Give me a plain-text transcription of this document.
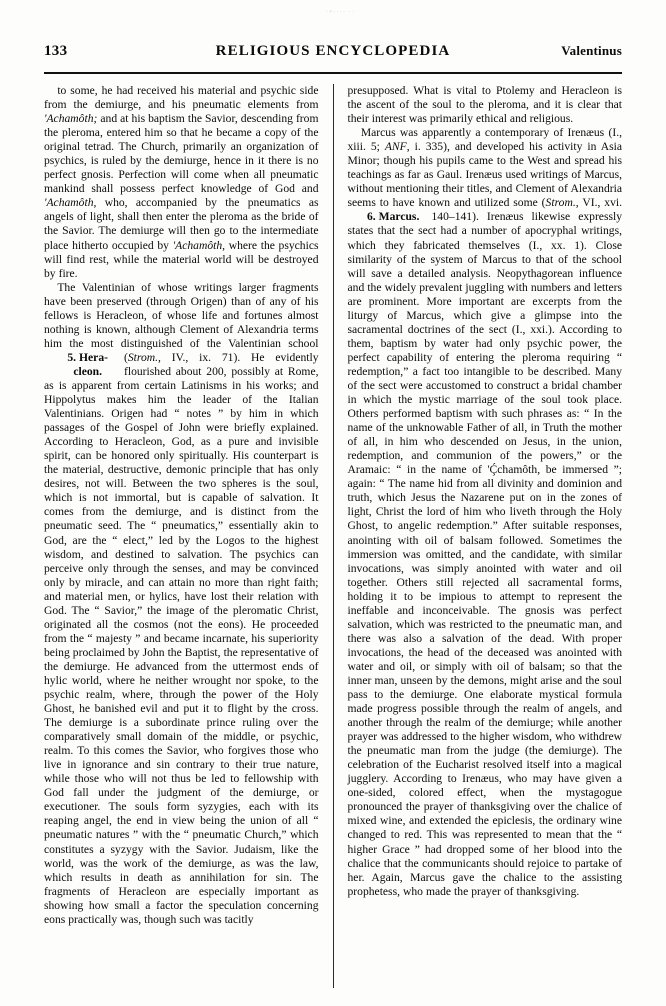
·•···· ··
133	RELIGIOUS ENCYCLOPEDIA	Valentinus

to some, he had received his material and psychic side from the demiurge, and his pneumatic elements from 'Achamôth; and at his baptism the Savior, descending from the pleroma, entered him so that he became a copy of the original tetrad. The Church, primarily an organization of psychics, is ruled by the demiurge, hence in it there is no perfect gnosis. Perfection will come when all pneumatic mankind shall possess perfect knowledge of God and 'Achamôth, who, accompanied by the pneumatics as angels of light, shall then enter the pleroma as the bride of the Savior. The demiurge will then go to the intermediate place hitherto occupied by 'Achamôth, where the psychics will find rest, while the material world will be destroyed by fire.

The Valentinian of whose writings larger fragments have been preserved (through Origen) than of any of his fellows is Heracleon, of whose life and fortunes almost nothing is known, although Clement of Alexandria terms him the most distinguished of the Valentinian school (Strom., IV., ix.
5. Hera-
cleon.
71). He evidently flourished about 200, possibly at Rome, as is apparent from certain Latinisms in his works; and Hippolytus makes him the leader of the Italian Valentinians. Origen had “ notes ” by him in which passages of the Gospel of John were briefly explained. According to Heracleon, God, as a pure and invisible spirit, can be honored only spiritually. His counterpart is the material, destructive, demonic principle that has only desires, not will. Between the two spheres is the soul, which is not immortal, but is capable of salvation. It comes from the demiurge, and is distinct from the pneumatic seed. The “ pneumatics,” essentially akin to God, are the “ elect,” led by the Logos to the highest wisdom, and destined to salvation. The psychics can perceive only through the senses, and may be convinced only by miracle, and can attain no more than right faith; and material men, or hylics, have lost their relation with God. The “ Savior,” the image of the pleromatic Christ, originated all the cosmos (not the eons). He proceeded from the “ majesty ” and became incarnate, his superiority being proclaimed by John the Baptist, the representative of the demiurge. He advanced from the uttermost ends of hylic world, where he neither wrought nor spoke, to the psychic realm, where, through the power of the Holy Ghost, he banished evil and put it to flight by the cross. The demiurge is a subordinate prince ruling over the comparatively small domain of the middle, or psychic, realm. To this comes the Savior, who forgives those who live in ignorance and sin contrary to their true nature, while those who will not thus be led to fellowship with God fall under the judgment of the demiurge, or executioner. The souls form syzygies, each with its reaping angel, the end in view being the union of all “ pneumatic natures ” with the “ pneumatic Church,” which constitutes a syzygy with the Savior. Judaism, like the world, was the work of the demiurge, as was the law, which results in death as annihilation for sin. The fragments of Heracleon are especially important as showing how small a factor the speculation concerning eons practically was, though such was tacitly

presupposed. What is vital to Ptolemy and Heracleon is the ascent of the soul to the pleroma, and it is clear that their interest was primarily ethical and religious.

Marcus was apparently a contemporary of Irenæus (I., xiii. 5; ANF, i. 335), and developed his activity in Asia Minor; though his pupils came to the West and spread his teachings as far as Gaul. Irenæus used writings of Marcus, without mentioning their titles, and Clement of Alexandria seems to have known and utilized some (Strom.,
6. Marcus.
VI., xvi. 140–141). Irenæus likewise expressly states that the sect had a number of apocryphal writings, which they fabricated themselves (I., xx. 1). Close similarity of the system of Marcus to that of the school will save a detailed analysis. Neopythagorean influence and the widely prevalent juggling with numbers and letters are prominent. More important are excerpts from the liturgy of Marcus, which give a glimpse into the sacramental doctrines of the sect (I., xxi.). According to them, baptism by water had only psychic power, the perfect capability of entering the pleroma requiring “ redemption,” a fact too intangible to be described. Many of the sect were accustomed to construct a bridal chamber in which the mystic marriage of the soul took place. Others performed baptism with such phrases as: “ In the name of the unknowable Father of all, in Truth the mother of all, in him who descended on Jesus, in the union, redemption, and communion of the powers,” or the Aramaic: “ in the name of 'Ḉchamôth, be immersed ”; again: “ The name hid from all divinity and dominion and truth, which Jesus the Nazarene put on in the zones of light, Christ the lord of him who liveth through the Holy Ghost, to angelic redemption.” After suitable responses, anointing with oil of balsam followed. Sometimes the immersion was omitted, and the candidate, with similar invocations, was simply anointed with water and oil together. Others still rejected all sacramental forms, holding it to be impious to attempt to represent the ineffable and inconceivable. The gnosis was perfect salvation, which was restricted to the pneumatic man, and there was also a salvation of the dead. With proper invocations, the head of the deceased was anointed with water and oil, or simply with oil of balsam; so that the inner man, unseen by the demons, might arise and the soul pass to the demiurge. One elaborate mystical formula made progress possible through the realm of angels, and another through the realm of the demiurge; while another prayer was addressed to the higher wisdom, who withdrew the pneumatic man from the judge (the demiurge). The celebration of the Eucharist resolved itself into a magical jugglery. According to Irenæus, who may have given a one-sided, colored effect, when the mystagogue pronounced the prayer of thanksgiving over the chalice of mixed wine, and extended the epiclesis, the ordinary wine changed to red. This was represented to mean that the “ higher Grace ” had dropped some of her blood into the chalice that the communicants should rejoice to partake of her. Again, Marcus gave the chalice to the assisting prophetess, who made the prayer of thanksgiving.
